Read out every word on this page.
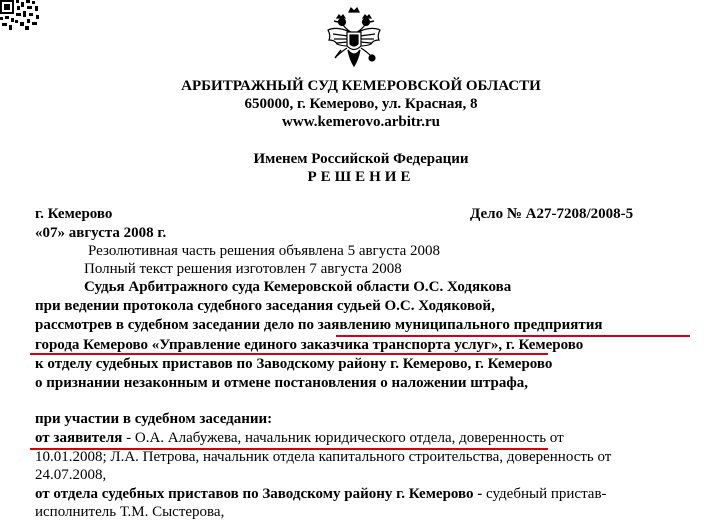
АРБИТРАЖНЫЙ СУД КЕМЕРОВСКОЙ ОБЛАСТИ
650000, г. Кемерово, ул. Красная, 8
www.kemerovo.arbitr.ru
Именем Российской Федерации
РЕШЕНИЕ
г. Кемерово	Дело № А27-7208/2008-5
«07» августа 2008 г.
Резолютивная часть решения объявлена 5 августа 2008
Полный текст решения изготовлен 7 августа 2008
Судья Арбитражного суда Кемеровской области О.С. Ходякова
при ведении протокола судебного заседания судьей О.С. Ходяковой,
рассмотрев в судебном заседании дело по заявлению муниципального предприятия
города Кемерово «Управление единого заказчика транспорта услуг», г. Кемерово
к отделу судебных приставов по Заводскому району г. Кемерово, г. Кемерово
о признании незаконным и отмене постановления о наложении штрафа,
при участии в судебном заседании:
от заявителя - О.А. Алабужева, начальник юридического отдела, доверенность от
10.01.2008; Л.А. Петрова, начальник отдела капитального строительства, доверенность от
24.07.2008,
от отдела судебных приставов по Заводскому району г. Кемерово - судебный пристав-
исполнитель Т.М. Сыстерова,
